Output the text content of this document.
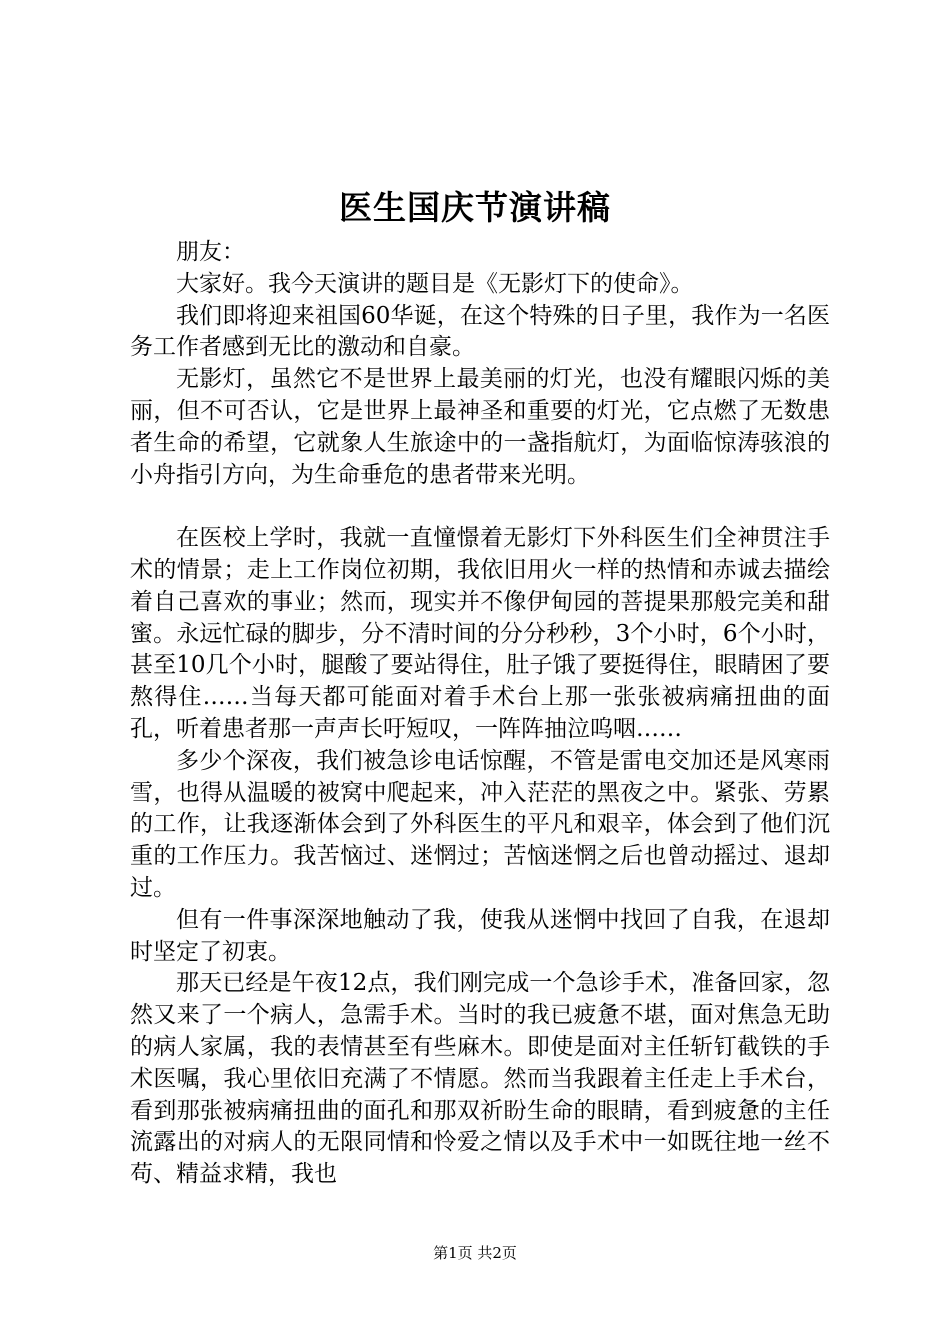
医生国庆节演讲稿

朋友：

大家好。我今天演讲的题目是《无影灯下的使命》。

我们即将迎来祖国60华诞，在这个特殊的日子里，我作为一名医务工作者感到无比的激动和自豪。

无影灯，虽然它不是世界上最美丽的灯光，也没有耀眼闪烁的美丽，但不可否认，它是世界上最神圣和重要的灯光，它点燃了无数患者生命的希望，它就象人生旅途中的一盏指航灯，为面临惊涛骇浪的小舟指引方向，为生命垂危的患者带来光明。

在医校上学时，我就一直憧憬着无影灯下外科医生们全神贯注手术的情景；走上工作岗位初期，我依旧用火一样的热情和赤诚去描绘着自己喜欢的事业；然而，现实并不像伊甸园的菩提果那般完美和甜蜜。永远忙碌的脚步，分不清时间的分分秒秒，3个小时，6个小时，甚至10几个小时，腿酸了要站得住，肚子饿了要挺得住，眼睛困了要熬得住……当每天都可能面对着手术台上那一张张被病痛扭曲的面孔，听着患者那一声声长吁短叹，一阵阵抽泣呜咽……

多少个深夜，我们被急诊电话惊醒，不管是雷电交加还是风寒雨雪，也得从温暖的被窝中爬起来，冲入茫茫的黑夜之中。紧张、劳累的工作，让我逐渐体会到了外科医生的平凡和艰辛，体会到了他们沉重的工作压力。我苦恼过、迷惘过；苦恼迷惘之后也曾动摇过、退却过。

但有一件事深深地触动了我，使我从迷惘中找回了自我，在退却时坚定了初衷。

那天已经是午夜12点，我们刚完成一个急诊手术，准备回家，忽然又来了一个病人，急需手术。当时的我已疲惫不堪，面对焦急无助的病人家属，我的表情甚至有些麻木。即使是面对主任斩钉截铁的手术医嘱，我心里依旧充满了不情愿。然而当我跟着主任走上手术台，看到那张被病痛扭曲的面孔和那双祈盼生命的眼睛，看到疲惫的主任流露出的对病人的无限同情和怜爱之情以及手术中一如既往地一丝不苟、精益求精，我也

第1页 共2页
